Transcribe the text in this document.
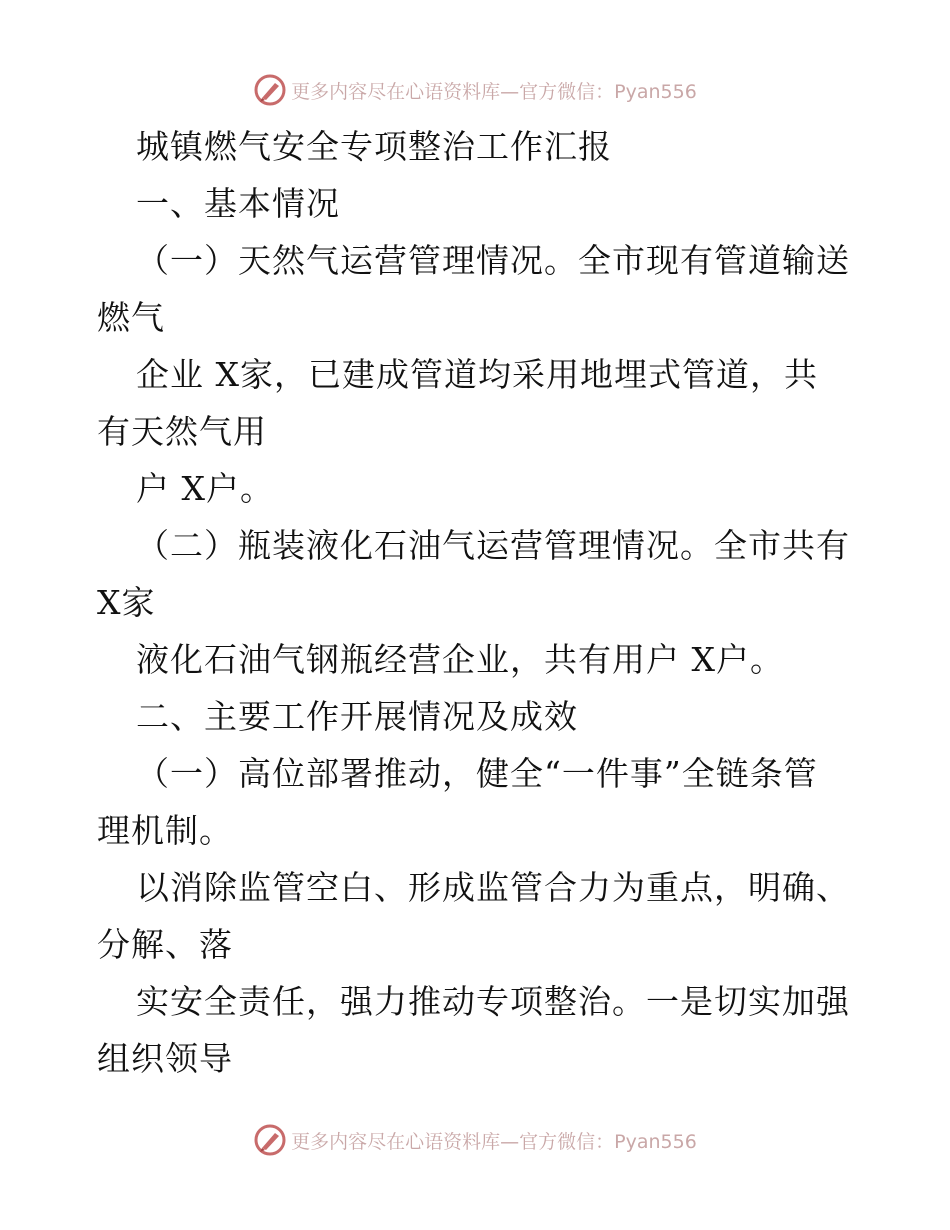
更多内容尽在心语资料库—官方微信：Pyan556
城镇燃气安全专项整治工作汇报
一、基本情况
（一）天然气运营管理情况。全市现有管道输送
燃气
企业 X家，已建成管道均采用地埋式管道，共
有天然气用
户 X户。
（二）瓶装液化石油气运营管理情况。全市共有
X家
液化石油气钢瓶经营企业，共有用户 X户。
二、主要工作开展情况及成效
（一）高位部署推动，健全“一件事”全链条管
理机制。
以消除监管空白、形成监管合力为重点，明确、
分解、落
实安全责任，强力推动专项整治。一是切实加强
组织领导
更多内容尽在心语资料库—官方微信：Pyan556
